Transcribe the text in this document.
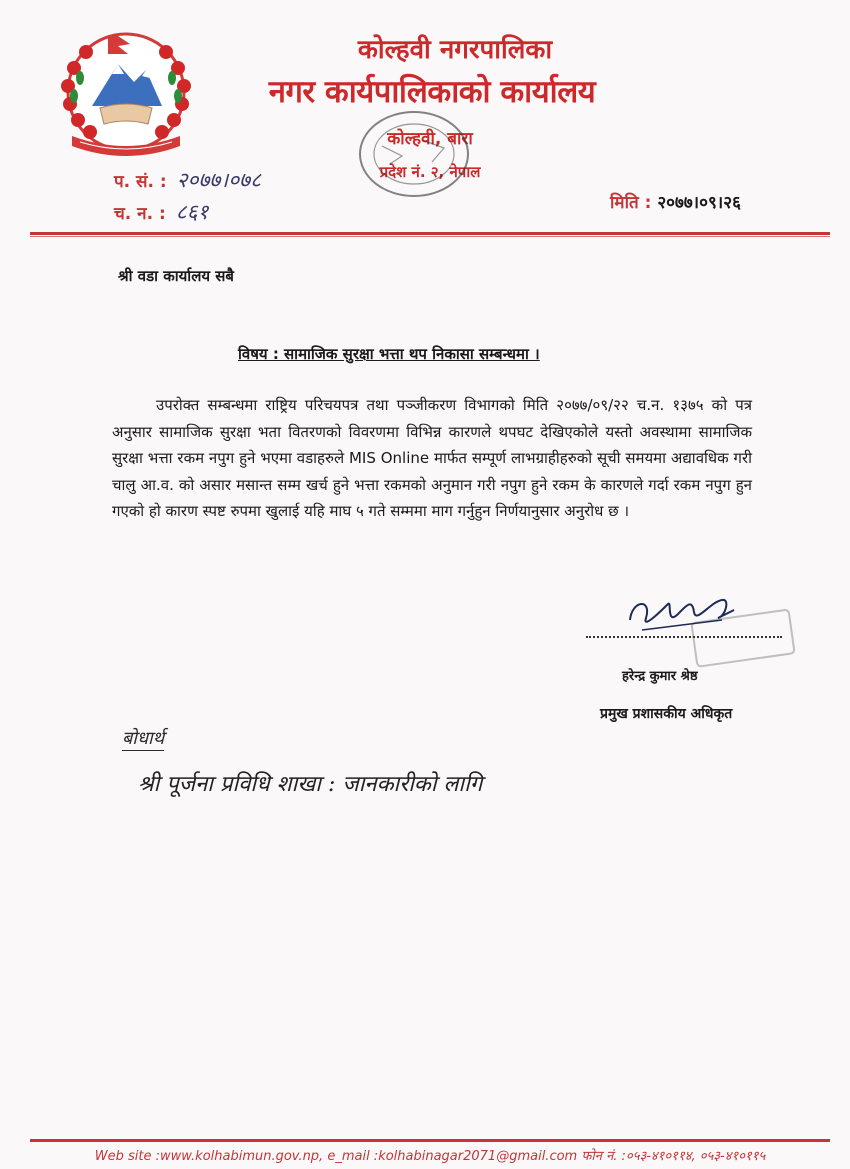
कोल्हवी नगरपालिका
नगर कार्यपालिकाको कार्यालय
कोल्हवी, बारा
प्रदेश नं. २, नेपाल
प. सं. : २०७७।०७८
च. न. : ८६१	मिति : २०७७।०९।२६
श्री वडा कार्यालय सबै
विषय : सामाजिक सुरक्षा भत्ता थप निकासा सम्बन्धमा ।
उपरोक्त सम्बन्धमा राष्ट्रिय परिचयपत्र तथा पञ्जीकरण विभागको मिति २०७७/०९/२२ च.न. १३७५ को पत्र अनुसार सामाजिक सुरक्षा भता वितरणको विवरणमा विभिन्न कारणले थपघट देखिएकोले यस्तो अवस्थामा सामाजिक सुरक्षा भत्ता रकम नपुग हुने भएमा वडाहरुले MIS Online मार्फत सम्पूर्ण लाभग्राहीहरुको सूची समयमा अद्यावधिक गरी चालु आ.व. को असार मसान्त सम्म खर्च हुने भत्ता रकमको अनुमान गरी नपुग हुने रकम के कारणले गर्दा रकम नपुग हुन गएको हो कारण स्पष्ट रुपमा खुलाई यहि माघ ५ गते सम्ममा माग गर्नुहुन निर्णयानुसार अनुरोध छ ।
हरेन्द्र कुमार श्रेष्ठ
प्रमुख प्रशासकीय अधिकृत
बोधार्थ
श्री पूर्जना प्रविधि शाखा : जानकारीको लागि
Web site :www.kolhabimun.gov.np, e_mail :kolhabinagar2071@gmail.com फोन नं. :०५३-४१०११४, ०५३-४१०११५
